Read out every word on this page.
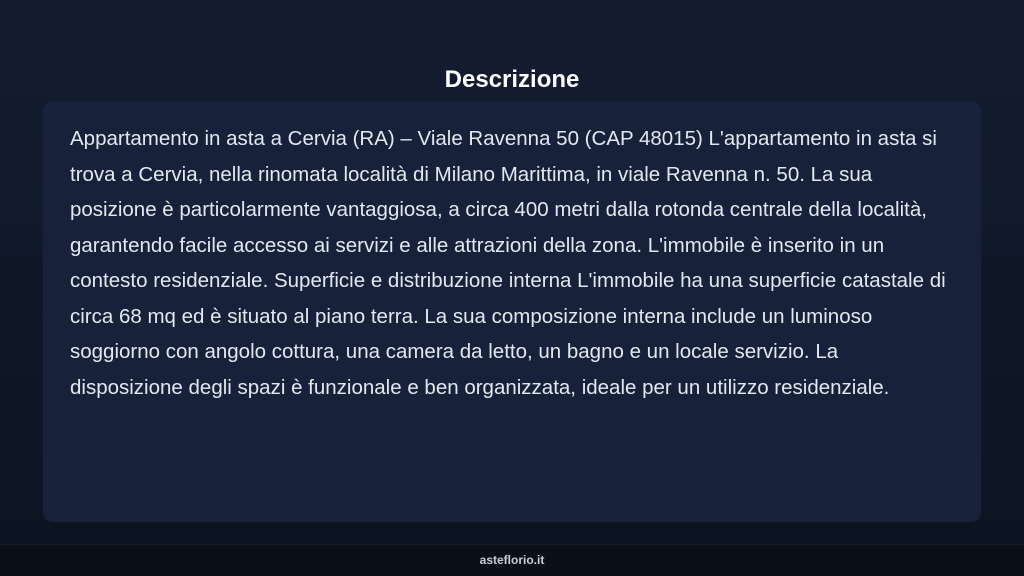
Descrizione

Appartamento in asta a Cervia (RA) – Viale Ravenna 50 (CAP 48015) L'appartamento in asta si trova a Cervia, nella rinomata località di Milano Marittima, in viale Ravenna n. 50. La sua posizione è particolarmente vantaggiosa, a circa 400 metri dalla rotonda centrale della località, garantendo facile accesso ai servizi e alle attrazioni della zona. L'immobile è inserito in un contesto residenziale. Superficie e distribuzione interna L'immobile ha una superficie catastale di circa 68 mq ed è situato al piano terra. La sua composizione interna include un luminoso soggiorno con angolo cottura, una camera da letto, un bagno e un locale servizio. La disposizione degli spazi è funzionale e ben organizzata, ideale per un utilizzo residenziale.

asteflorio.it
